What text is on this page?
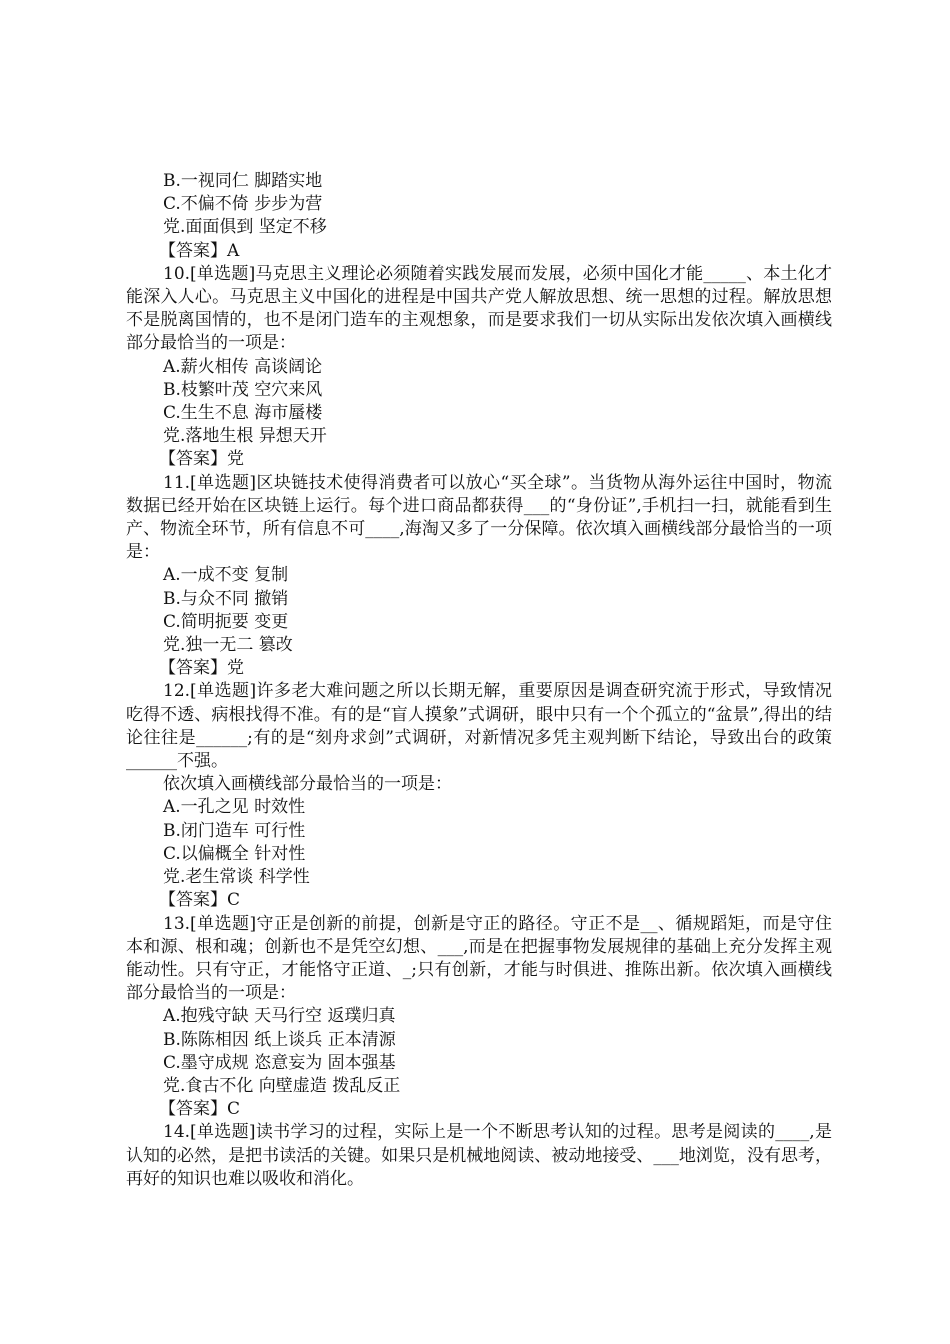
B.一视同仁 脚踏实地

C.不偏不倚 步步为营

党.面面俱到 坚定不移

【答案】A

10.[单选题]马克思主义理论必须随着实践发展而发展，必须中国化才能_____、本土化才能深入人心。马克思主义中国化的进程是中国共产党人解放思想、统一思想的过程。解放思想不是脱离国情的，也不是闭门造车的主观想象，而是要求我们一切从实际出发依次填入画横线部分最恰当的一项是：

A.薪火相传 高谈阔论

B.枝繁叶茂 空穴来风

C.生生不息 海市蜃楼

党.落地生根 异想天开

【答案】党

11.[单选题]区块链技术使得消费者可以放心“买全球”。当货物从海外运往中国时，物流数据已经开始在区块链上运行。每个进口商品都获得___的“身份证”,手机扫一扫，就能看到生产、物流全环节，所有信息不可____,海淘又多了一分保障。依次填入画横线部分最恰当的一项是：

A.一成不变 复制

B.与众不同 撤销

C.简明扼要 变更

党.独一无二 篡改

【答案】党

12.[单选题]许多老大难问题之所以长期无解，重要原因是调查研究流于形式，导致情况吃得不透、病根找得不准。有的是“盲人摸象”式调研，眼中只有一个个孤立的“盆景”,得出的结论往往是______;有的是“刻舟求剑”式调研，对新情况多凭主观判断下结论，导致出台的政策______不强。

依次填入画横线部分最恰当的一项是：

A.一孔之见 时效性

B.闭门造车 可行性

C.以偏概全 针对性

党.老生常谈 科学性

【答案】C

13.[单选题]守正是创新的前提，创新是守正的路径。守正不是__、循规蹈矩，而是守住本和源、根和魂；创新也不是凭空幻想、___,而是在把握事物发展规律的基础上充分发挥主观能动性。只有守正，才能恪守正道、_;只有创新，才能与时俱进、推陈出新。依次填入画横线部分最恰当的一项是：

A.抱残守缺 天马行空 返璞归真

B.陈陈相因 纸上谈兵 正本清源

C.墨守成规 恣意妄为 固本强基

党.食古不化 向壁虚造 拨乱反正

【答案】C

14.[单选题]读书学习的过程，实际上是一个不断思考认知的过程。思考是阅读的____,是认知的必然，是把书读活的关键。如果只是机械地阅读、被动地接受、___地浏览，没有思考，再好的知识也难以吸收和消化。
